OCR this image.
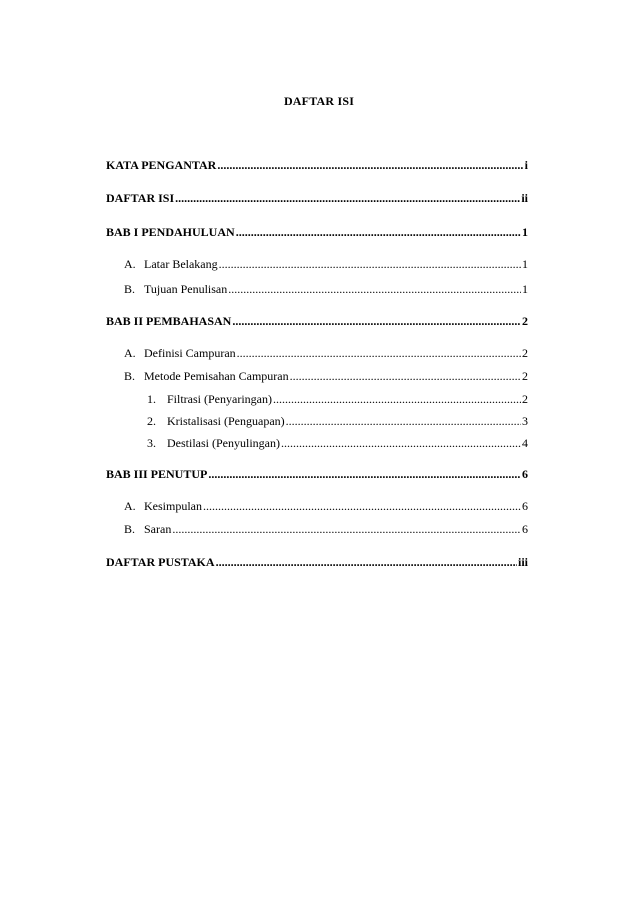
DAFTAR ISI
KATA PENGANTAR .....	i
DAFTAR ISI .....	ii
BAB I PENDAHULUAN .....	1
A. Latar Belakang .....	1
B. Tujuan Penulisan .....	1
BAB II PEMBAHASAN .....	2
A. Definisi Campuran .....	2
B. Metode Pemisahan Campuran .....	2
1. Filtrasi (Penyaringan) .....	2
2. Kristalisasi (Penguapan) .....	3
3. Destilasi (Penyulingan) .....	4
BAB III PENUTUP .....	6
A. Kesimpulan .....	6
B. Saran .....	6
DAFTAR PUSTAKA .....	iii
